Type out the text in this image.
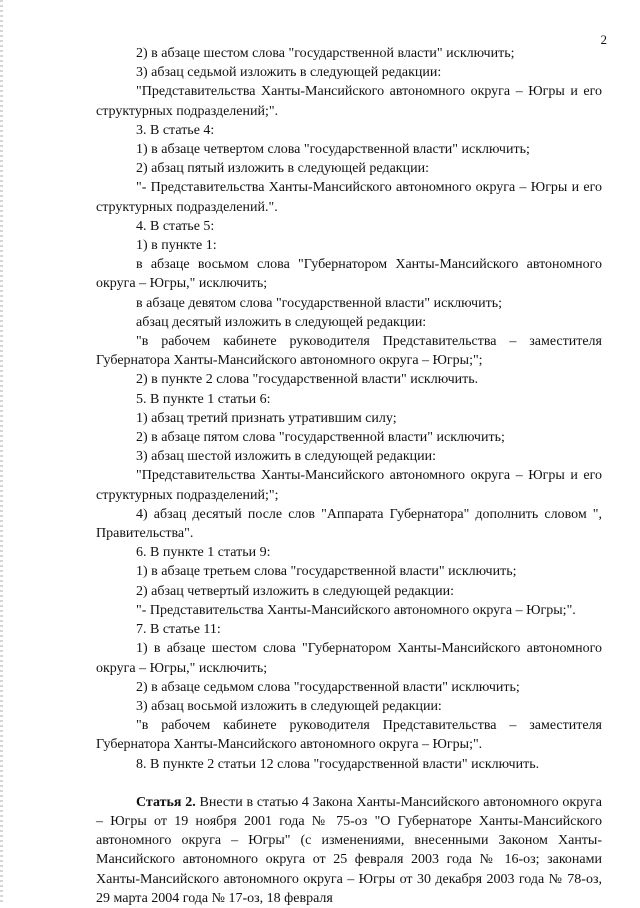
2

2) в абзаце шестом слова "государственной власти" исключить;

3) абзац седьмой изложить в следующей редакции:

"Представительства Ханты-Мансийского автономного округа – Югры и его структурных подразделений;".

3. В статье 4:

1) в абзаце четвертом слова "государственной власти" исключить;

2) абзац пятый изложить в следующей редакции:

"- Представительства Ханты-Мансийского автономного округа – Югры и его структурных подразделений.".

4. В статье 5:

1) в пункте 1:

в абзаце восьмом слова "Губернатором Ханты-Мансийского автономного округа – Югры," исключить;

в абзаце девятом слова "государственной власти" исключить;

абзац десятый изложить в следующей редакции:

"в рабочем кабинете руководителя Представительства – заместителя Губернатора Ханты-Мансийского автономного округа – Югры;";

2) в пункте 2 слова "государственной власти" исключить.

5. В пункте 1 статьи 6:

1) абзац третий признать утратившим силу;

2) в абзаце пятом слова "государственной власти" исключить;

3) абзац шестой изложить в следующей редакции:

"Представительства Ханты-Мансийского автономного округа – Югры и его структурных подразделений;";

4) абзац десятый после слов "Аппарата Губернатора" дополнить словом ", Правительства".

6. В пункте 1 статьи 9:

1) в абзаце третьем слова "государственной власти" исключить;

2) абзац четвертый изложить в следующей редакции:

"- Представительства Ханты-Мансийского автономного округа – Югры;".

7. В статье 11:

1) в абзаце шестом слова "Губернатором Ханты-Мансийского автономного округа – Югры," исключить;

2) в абзаце седьмом слова "государственной власти" исключить;

3) абзац восьмой изложить в следующей редакции:

"в рабочем кабинете руководителя Представительства – заместителя Губернатора Ханты-Мансийского автономного округа – Югры;".

8. В пункте 2 статьи 12 слова "государственной власти" исключить.

Статья 2. Внести в статью 4 Закона Ханты-Мансийского автономного округа – Югры от 19 ноября 2001 года № 75-оз "О Губернаторе Ханты-Мансийского автономного округа – Югры" (с изменениями, внесенными Законом Ханты-Мансийского автономного округа от 25 февраля 2003 года № 16-оз; законами Ханты-Мансийского автономного округа – Югры от 30 декабря 2003 года № 78-оз, 29 марта 2004 года № 17-оз, 18 февраля
